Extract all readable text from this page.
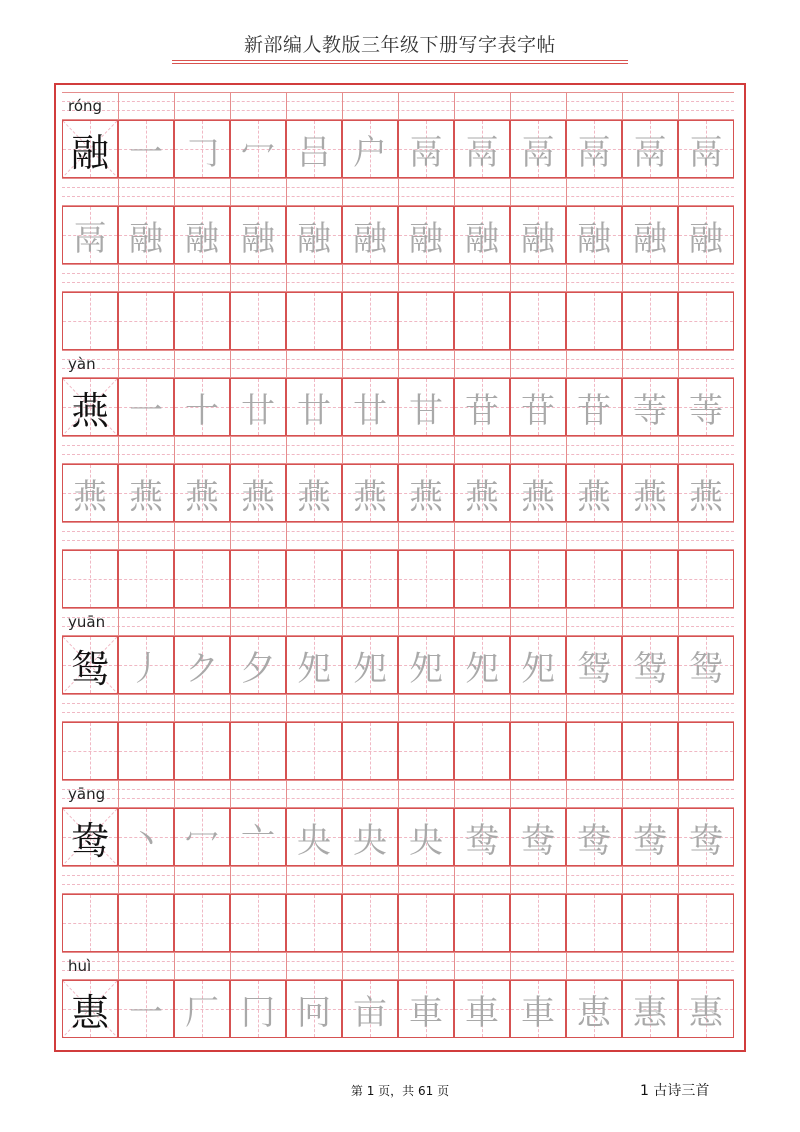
新部编人教版三年级下册写字表字帖
róng
融 一 𠃌 冖 吕 户 鬲 鬲 鬲 鬲 鬲 鬲
鬲 融 融 融 融 融 融 融 融 融 融 融
yàn
燕 一 十 廿 廿 廿 甘 苷 苷 苷 䓁 䓁
燕 燕 燕 燕 燕 燕 燕 燕 燕 燕 燕 燕
yuān
鸳 丿 ク 夕 夗 夗 夗 夗 夗 鸳 鸳 鸳
yāng
鸯 丶 冖 亠 央 央 央 鸯 鸯 鸯 鸯 鸯
huì
惠 一 厂 冂 冋 亩 車 車 車 恵 惠 惠
第 1 页，共 61 页	1 古诗三首
